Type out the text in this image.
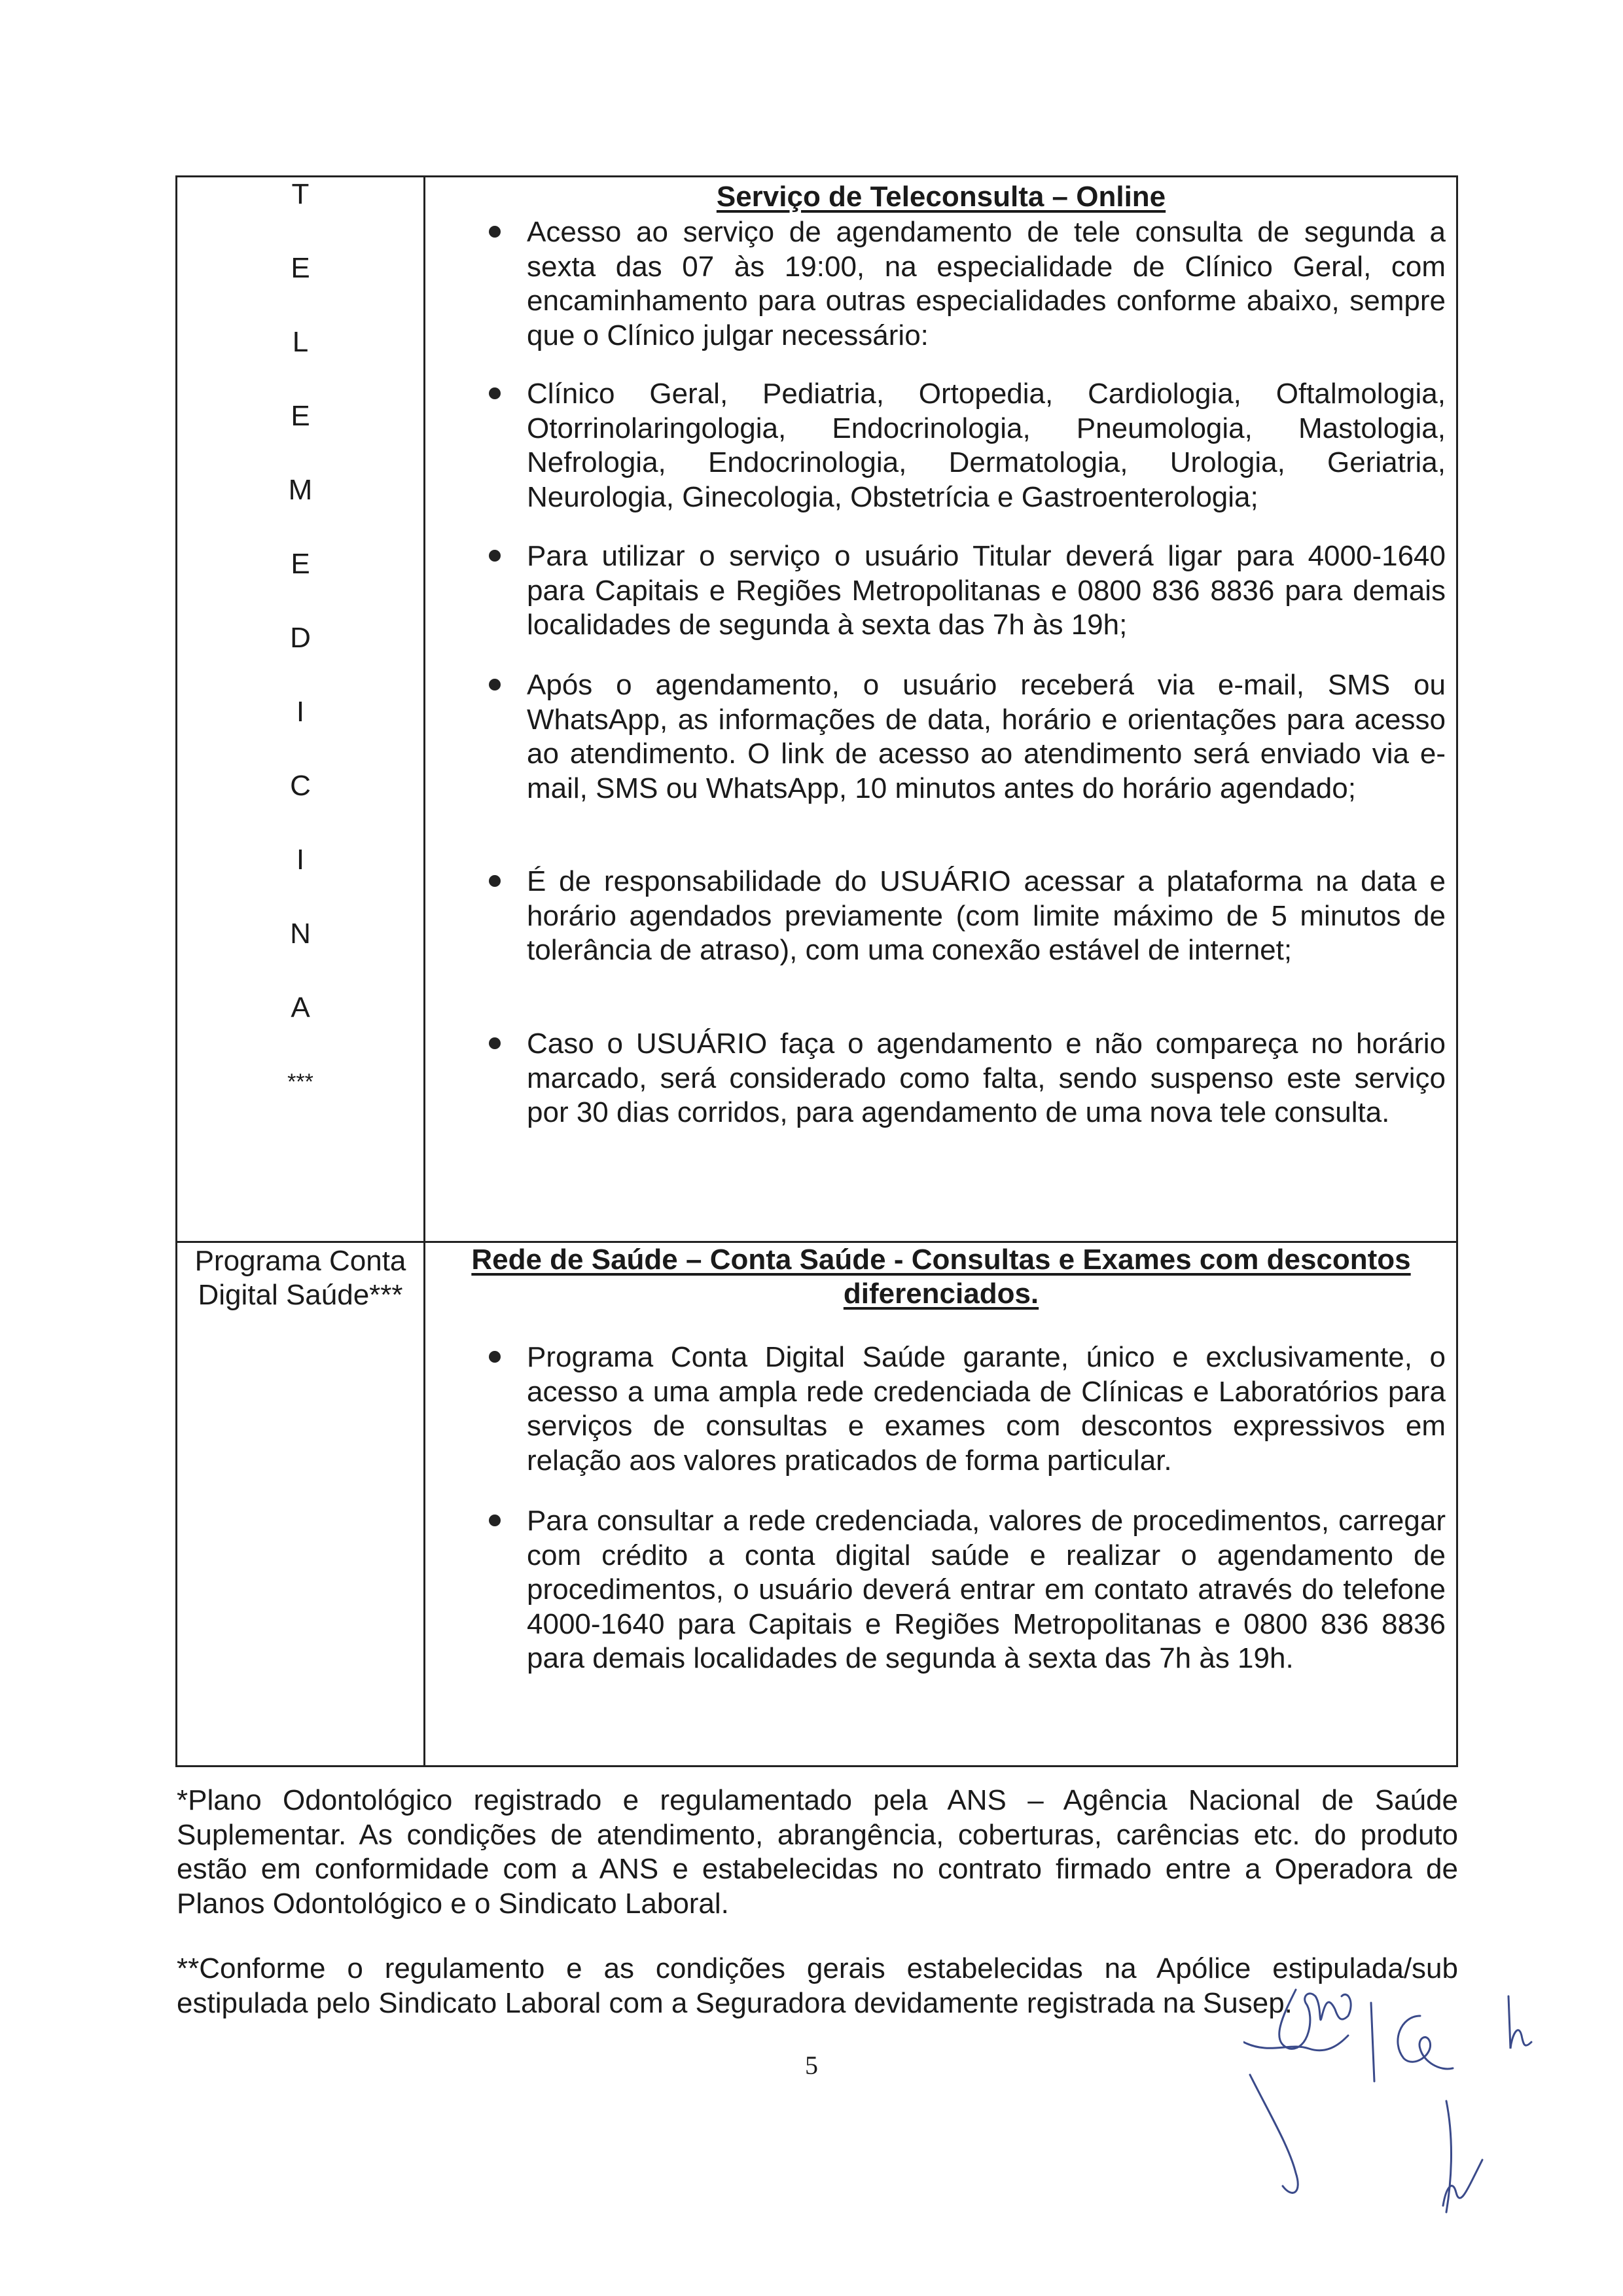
T
E
L
E
M
E
D
I
C
I
N
A
***
Serviço de Teleconsulta – Online
Acesso ao serviço de agendamento de tele consulta de segunda a sexta das 07 às 19:00, na especialidade de Clínico Geral, com encaminhamento para outras especialidades conforme abaixo, sempre que o Clínico julgar necessário:
Clínico Geral, Pediatria, Ortopedia, Cardiologia, Oftalmologia, Otorrinolaringologia, Endocrinologia, Pneumologia, Mastologia, Nefrologia, Endocrinologia, Dermatologia, Urologia, Geriatria, Neurologia, Ginecologia, Obstetrícia e Gastroenterologia;
Para utilizar o serviço o usuário Titular deverá ligar para 4000-1640 para Capitais e Regiões Metropolitanas e 0800 836 8836 para demais localidades de segunda à sexta das 7h às 19h;
Após o agendamento, o usuário receberá via e-mail, SMS ou WhatsApp, as informações de data, horário e orientações para acesso ao atendimento. O link de acesso ao atendimento será enviado via e-mail, SMS ou WhatsApp, 10 minutos antes do horário agendado;
É de responsabilidade do USUÁRIO acessar a plataforma na data e horário agendados previamente (com limite máximo de 5 minutos de tolerância de atraso), com uma conexão estável de internet;
Caso o USUÁRIO faça o agendamento e não compareça no horário marcado, será considerado como falta, sendo suspenso este serviço por 30 dias corridos, para agendamento de uma nova tele consulta.
Programa Conta
Digital Saúde***
Rede de Saúde – Conta Saúde - Consultas e Exames com descontos
diferenciados.
Programa Conta Digital Saúde garante, único e exclusivamente, o acesso a uma ampla rede credenciada de Clínicas e Laboratórios para serviços de consultas e exames com descontos expressivos em relação aos valores praticados de forma particular.
Para consultar a rede credenciada, valores de procedimentos, carregar com crédito a conta digital saúde e realizar o agendamento de procedimentos, o usuário deverá entrar em contato através do telefone 4000-1640 para Capitais e Regiões Metropolitanas e 0800 836 8836 para demais localidades de segunda à sexta das 7h às 19h.
*Plano Odontológico registrado e regulamentado pela ANS – Agência Nacional de Saúde Suplementar. As condições de atendimento, abrangência, coberturas, carências etc. do produto estão em conformidade com a ANS e estabelecidas no contrato firmado entre a Operadora de Planos Odontológico e o Sindicato Laboral.
**Conforme o regulamento e as condições gerais estabelecidas na Apólice estipulada/sub estipulada pelo Sindicato Laboral com a Seguradora devidamente registrada na Susep.
5
